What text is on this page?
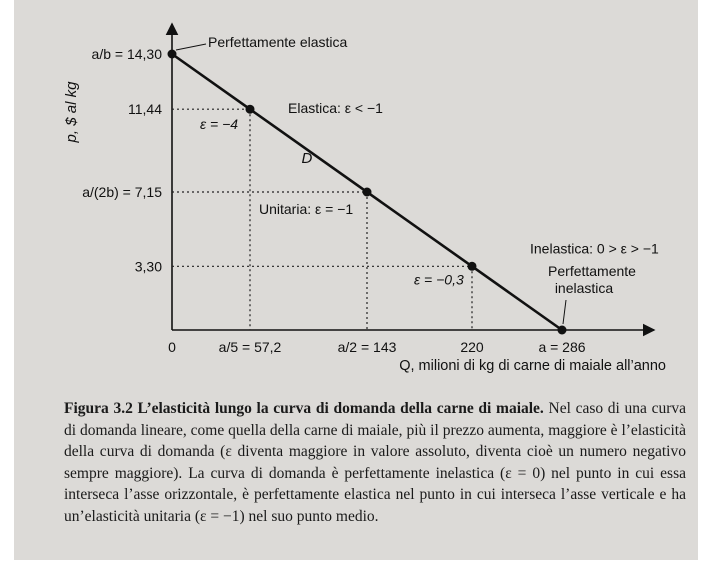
p, $ al kg
Q, milioni di kg di carne di maiale all’anno
a/b = 14,30
11,44
a/(2b) = 7,15
3,30
0	a/5 = 57,2	a/2 = 143	220	a = 286
Perfettamente elastica
Elastica: ε < −1
ε = −4
D
Unitaria: ε = −1
Inelastica: 0 > ε > −1
ε = −0,3
Perfettamente
inelastica

Figura 3.2 L’elasticità lungo la curva di domanda della carne di maiale. Nel caso di una curva di domanda lineare, come quella della carne di maiale, più il prezzo aumenta, maggiore è l’elasticità della curva di domanda (ε diventa maggiore in valore assoluto, diventa cioè un numero negativo sempre maggiore). La curva di domanda è perfettamente inelastica (ε = 0) nel punto in cui essa interseca l’asse orizzontale, è perfettamente elastica nel punto in cui interseca l’asse verticale e ha un’elasticità unitaria (ε = −1) nel suo punto medio.
